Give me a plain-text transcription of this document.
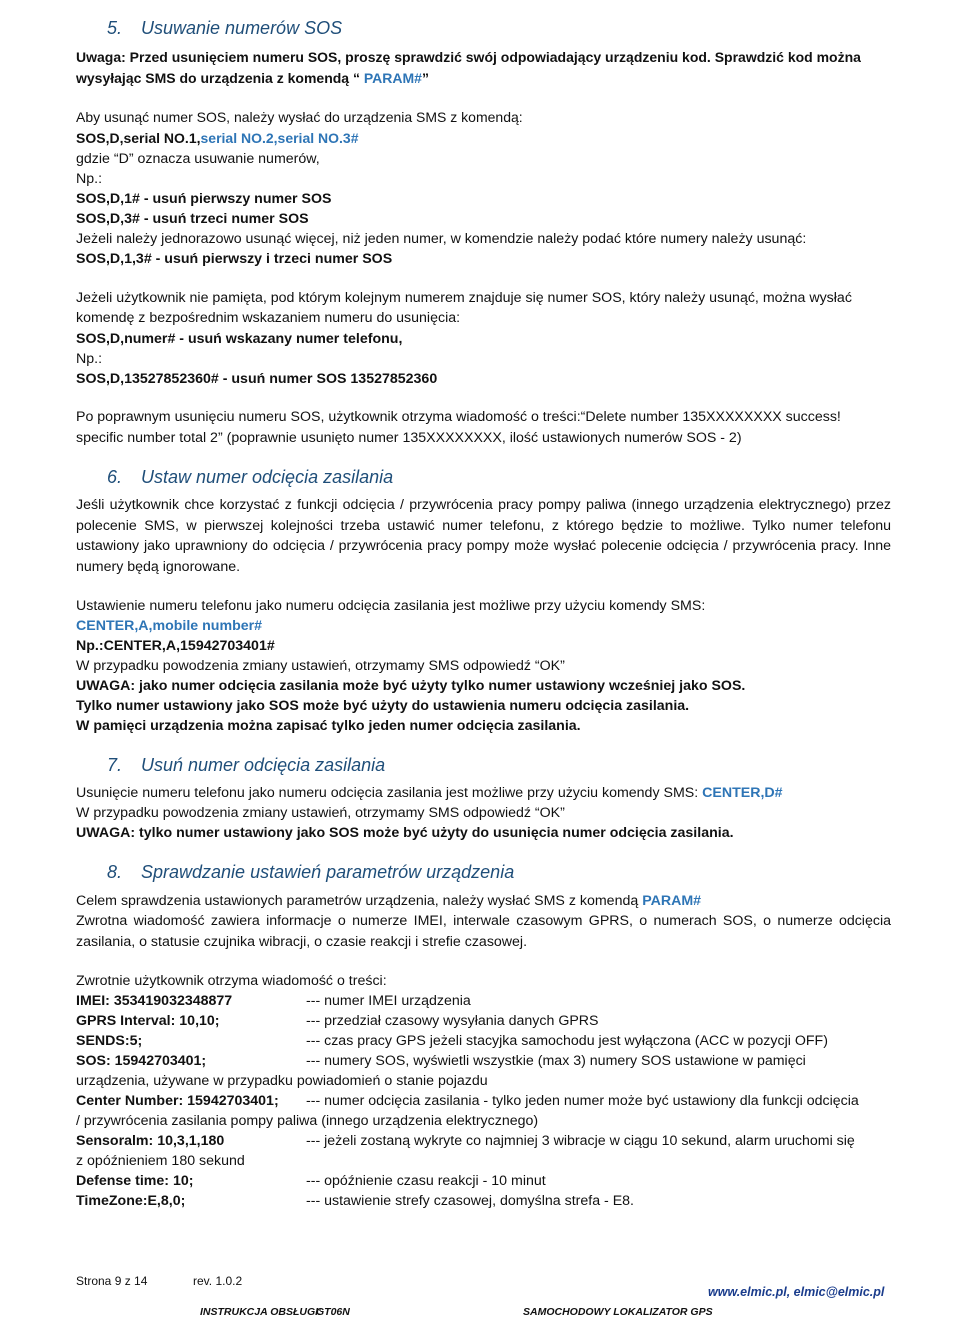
5. Usuwanie numerów SOS
Uwaga: Przed usunięciem numeru SOS, proszę sprawdzić swój odpowiadający urządzeniu kod. Sprawdzić kod można
wysyłając SMS do urządzenia z komendą “ PARAM#”
Aby usunąć numer SOS, należy wysłać do urządzenia SMS z komendą:
SOS,D,serial NO.1,serial NO.2,serial NO.3#
gdzie “D” oznacza usuwanie numerów,
Np.:
SOS,D,1# - usuń pierwszy numer SOS
SOS,D,3# - usuń trzeci numer SOS
Jeżeli należy jednorazowo usunąć więcej, niż jeden numer, w komendzie należy podać które numery należy usunąć:
SOS,D,1,3# - usuń pierwszy i trzeci numer SOS
Jeżeli użytkownik nie pamięta, pod którym kolejnym numerem znajduje się numer SOS, który należy usunąć, można wysłać
komendę z bezpośrednim wskazaniem numeru do usunięcia:
SOS,D,numer# - usuń wskazany numer telefonu,
Np.:
SOS,D,13527852360# - usuń numer SOS 13527852360
Po poprawnym usunięciu numeru SOS, użytkownik otrzyma wiadomość o treści:“Delete number 135XXXXXXXX success!
specific number total 2” (poprawnie usunięto numer 135XXXXXXXX, ilość ustawionych numerów SOS - 2)
6. Ustaw numer odcięcia zasilania
Jeśli użytkownik chce korzystać z funkcji odcięcia / przywrócenia pracy pompy paliwa (innego urządzenia elektrycznego) przez polecenie SMS, w pierwszej kolejności trzeba ustawić numer telefonu, z którego będzie to możliwe. Tylko numer telefonu ustawiony jako uprawniony do odcięcia / przywrócenia pracy pompy może wysłać polecenie odcięcia / przywrócenia pracy. Inne numery będą ignorowane.
Ustawienie numeru telefonu jako numeru odcięcia zasilania jest możliwe przy użyciu komendy SMS:
CENTER,A,mobile number#
Np.:CENTER,A,15942703401#
W przypadku powodzenia zmiany ustawień, otrzymamy SMS odpowiedź “OK”
UWAGA: jako numer odcięcia zasilania może być użyty tylko numer ustawiony wcześniej jako SOS.
Tylko numer ustawiony jako SOS może być użyty do ustawienia numeru odcięcia zasilania.
W pamięci urządzenia można zapisać tylko jeden numer odcięcia zasilania.
7. Usuń numer odcięcia zasilania
Usunięcie numeru telefonu jako numeru odcięcia zasilania jest możliwe przy użyciu komendy SMS: CENTER,D#
W przypadku powodzenia zmiany ustawień, otrzymamy SMS odpowiedź “OK”
UWAGA: tylko numer ustawiony jako SOS może być użyty do usunięcia numer odcięcia zasilania.
8. Sprawdzanie ustawień parametrów urządzenia
Celem sprawdzenia ustawionych parametrów urządzenia, należy wysłać SMS z komendą PARAM#
Zwrotna wiadomość zawiera informacje o numerze IMEI, interwale czasowym GPRS, o numerach SOS, o numerze odcięcia zasilania, o statusie czujnika wibracji, o czasie reakcji i strefie czasowej.
Zwrotnie użytkownik otrzyma wiadomość o treści:
IMEI: 353419032348877	--- numer IMEI urządzenia
GPRS Interval: 10,10;	--- przedział czasowy wysyłania danych GPRS
SENDS:5;	--- czas pracy GPS jeżeli stacyjka samochodu jest wyłączona (ACC w pozycji OFF)
SOS: 15942703401;	--- numery SOS, wyświetli wszystkie (max 3) numery SOS ustawione w pamięci
urządzenia, używane w przypadku powiadomień o stanie pojazdu
Center Number: 15942703401; --- numer odcięcia zasilania - tylko jeden numer może być ustawiony dla funkcji odcięcia
/ przywrócenia zasilania pompy paliwa (innego urządzenia elektrycznego)
Sensoralm: 10,3,1,180	--- jeżeli zostaną wykryte co najmniej 3 wibracje w ciągu 10 sekund, alarm uruchomi się
z opóźnieniem 180 sekund
Defense time: 10;	--- opóźnienie czasu reakcji - 10 minut
TimeZone:E,8,0;	--- ustawienie strefy czasowej, domyślna strefa - E8.
Strona 9 z 14	rev. 1.0.2
www.elmic.pl, elmic@elmic.pl
INSTRUKCJA OBSŁUGI:
GT06N	SAMOCHODOWY LOKALIZATOR GPS
